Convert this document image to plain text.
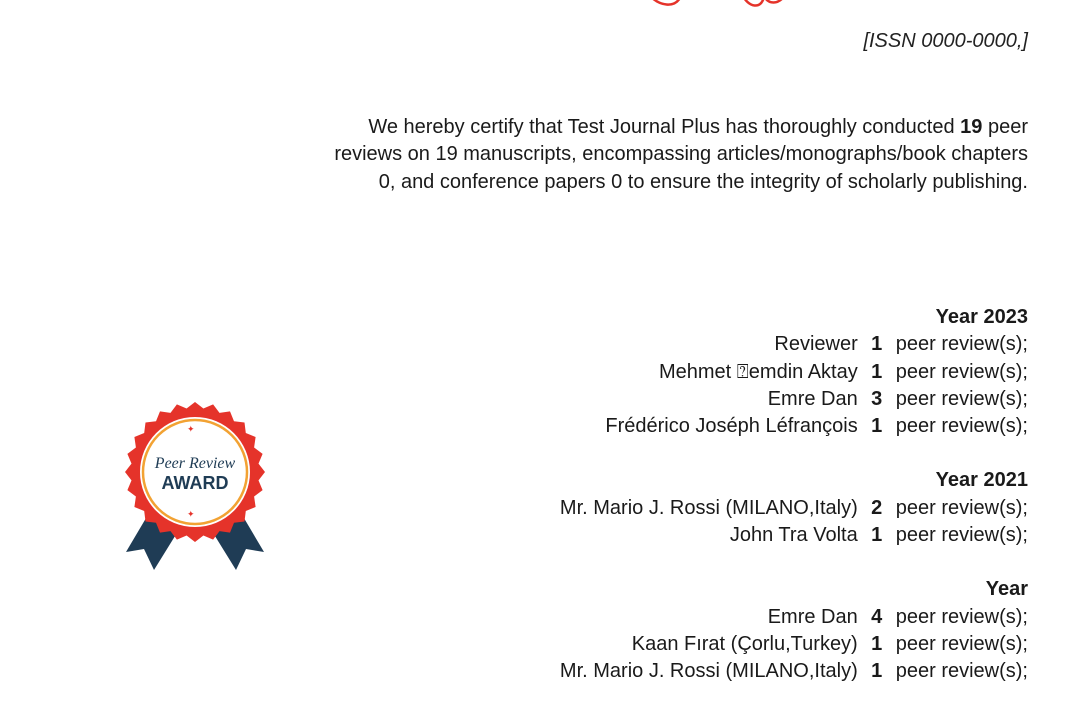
[ISSN 0000-0000,]
We hereby certify that Test Journal Plus has thoroughly conducted 19 peer reviews on 19 manuscripts, encompassing articles/monographs/book chapters 0, and conference papers 0 to ensure the integrity of scholarly publishing.
✦
Peer Review
AWARD
✦
Year 2023
Reviewer	1	peer review(s);
Mehmet ⍰emdin Aktay	1	peer review(s);
Emre Dan	3	peer review(s);
Frédérico Joséph Léfrançois	1	peer review(s);
Year 2021
Mr. Mario J. Rossi (MILANO,Italy)	2	peer review(s);
John Tra Volta	1	peer review(s);
Year
Emre Dan	4	peer review(s);
Kaan Fırat (Çorlu,Turkey)	1	peer review(s);
Mr. Mario J. Rossi (MILANO,Italy)	1	peer review(s);
